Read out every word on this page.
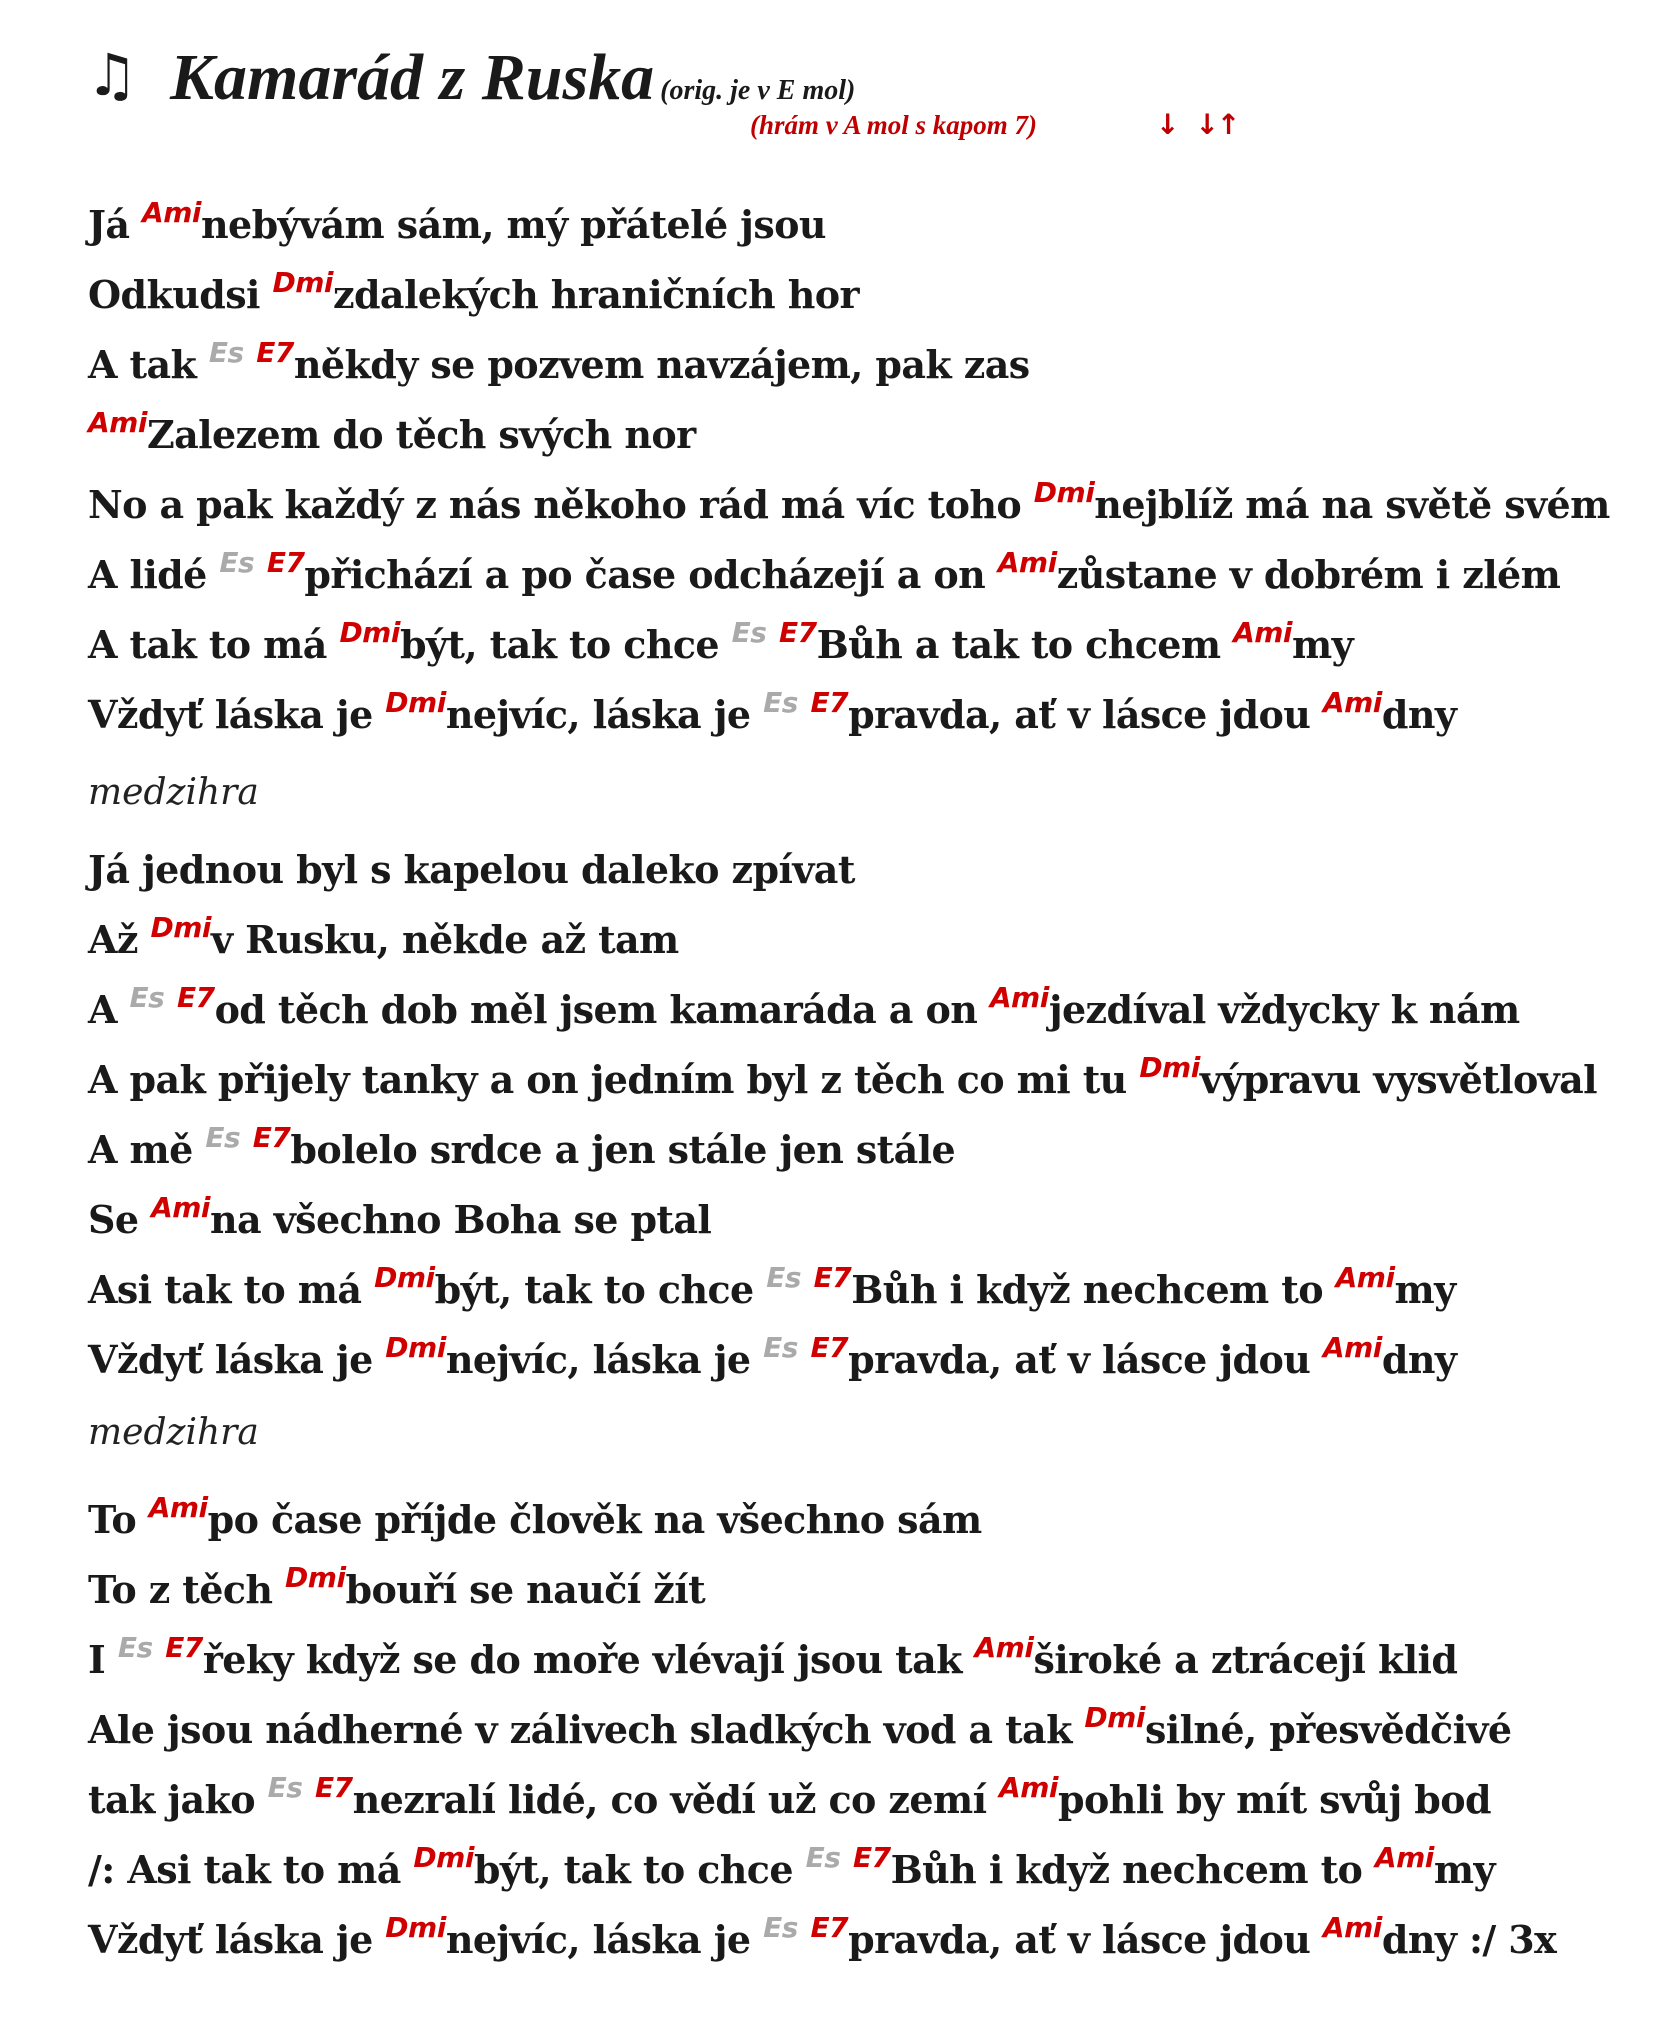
♫ Kamarád z Ruska (orig. je v E mol)
(hrám v A mol s kapom 7)	↓ ↓↑
Já $^{Ami}$nebývám sám, mý přátelé jsou
Odkudsi $^{Dmi}$zdalekých hraničních hor
A tak $^{Es}$ $^{E7}$někdy se pozvem navzájem, pak zas
$^{Ami}$Zalezem do těch svých nor
No a pak každý z nás někoho rád má víc toho $^{Dmi}$nejblíž má na světě svém
A lidé $^{Es}$ $^{E7}$přichází a po čase odcházejí a on $^{Ami}$zůstane v dobrém i zlém
A tak to má $^{Dmi}$být, tak to chce $^{Es}$ $^{E7}$Bůh a tak to chcem $^{Ami}$my
Vždyť láska je $^{Dmi}$nejvíc, láska je $^{Es}$ $^{E7}$pravda, ať v lásce jdou $^{Ami}$dny
medzihra
Já jednou byl s kapelou daleko zpívat
Až $^{Dmi}$v Rusku, někde až tam
A $^{Es}$ $^{E7}$od těch dob měl jsem kamaráda a on $^{Ami}$jezdíval vždycky k nám
A pak přijely tanky a on jedním byl z těch co mi tu $^{Dmi}$výpravu vysvětloval
A mě $^{Es}$ $^{E7}$bolelo srdce a jen stále jen stále
Se $^{Ami}$na všechno Boha se ptal
Asi tak to má $^{Dmi}$být, tak to chce $^{Es}$ $^{E7}$Bůh i když nechcem to $^{Ami}$my
Vždyť láska je $^{Dmi}$nejvíc, láska je $^{Es}$ $^{E7}$pravda, ať v lásce jdou $^{Ami}$dny
medzihra
To $^{Ami}$po čase příjde člověk na všechno sám
To z těch $^{Dmi}$bouří se naučí žít
I $^{Es}$ $^{E7}$řeky když se do moře vlévají jsou tak $^{Ami}$široké a ztrácejí klid
Ale jsou nádherné v zálivech sladkých vod a tak $^{Dmi}$silné, přesvědčivé
tak jako $^{Es}$ $^{E7}$nezralí lidé, co vědí už co zemí $^{Ami}$pohli by mít svůj bod
/: Asi tak to má $^{Dmi}$být, tak to chce $^{Es}$ $^{E7}$Bůh i když nechcem to $^{Ami}$my
Vždyť láska je $^{Dmi}$nejvíc, láska je $^{Es}$ $^{E7}$pravda, ať v lásce jdou $^{Ami}$dny :/ 3x
